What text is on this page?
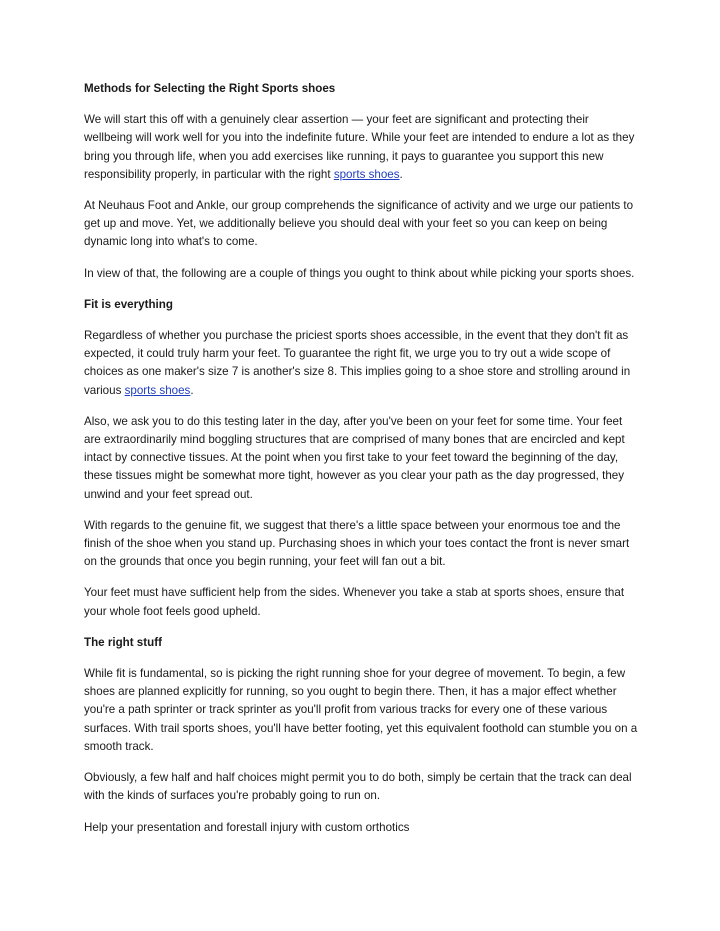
Methods for Selecting the Right Sports shoes

We will start this off with a genuinely clear assertion — your feet are significant and protecting their wellbeing will work well for you into the indefinite future. While your feet are intended to endure a lot as they bring you through life, when you add exercises like running, it pays to guarantee you support this new responsibility properly, in particular with the right sports shoes.

At Neuhaus Foot and Ankle, our group comprehends the significance of activity and we urge our patients to get up and move. Yet, we additionally believe you should deal with your feet so you can keep on being dynamic long into what's to come.

In view of that, the following are a couple of things you ought to think about while picking your sports shoes.

Fit is everything

Regardless of whether you purchase the priciest sports shoes accessible, in the event that they don't fit as expected, it could truly harm your feet. To guarantee the right fit, we urge you to try out a wide scope of choices as one maker's size 7 is another's size 8. This implies going to a shoe store and strolling around in various sports shoes.

Also, we ask you to do this testing later in the day, after you've been on your feet for some time. Your feet are extraordinarily mind boggling structures that are comprised of many bones that are encircled and kept intact by connective tissues. At the point when you first take to your feet toward the beginning of the day, these tissues might be somewhat more tight, however as you clear your path as the day progressed, they unwind and your feet spread out.

With regards to the genuine fit, we suggest that there's a little space between your enormous toe and the finish of the shoe when you stand up. Purchasing shoes in which your toes contact the front is never smart on the grounds that once you begin running, your feet will fan out a bit.

Your feet must have sufficient help from the sides. Whenever you take a stab at sports shoes, ensure that your whole foot feels good upheld.

The right stuff

While fit is fundamental, so is picking the right running shoe for your degree of movement. To begin, a few shoes are planned explicitly for running, so you ought to begin there. Then, it has a major effect whether you're a path sprinter or track sprinter as you'll profit from various tracks for every one of these various surfaces. With trail sports shoes, you'll have better footing, yet this equivalent foothold can stumble you on a smooth track.

Obviously, a few half and half choices might permit you to do both, simply be certain that the track can deal with the kinds of surfaces you're probably going to run on.

Help your presentation and forestall injury with custom orthotics
